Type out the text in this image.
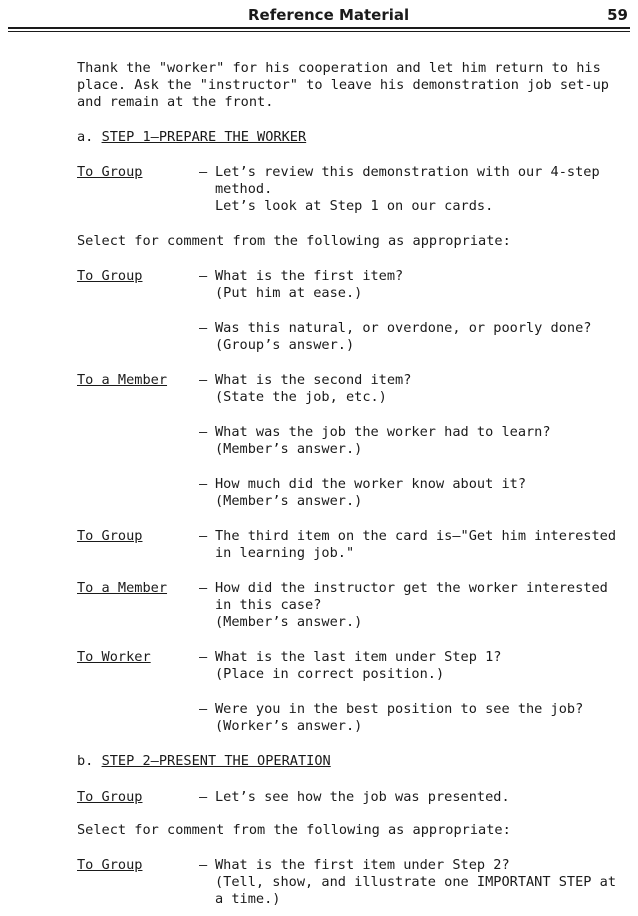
Reference Material	59
Thank the "worker" for his cooperation and let him return to his
place. Ask the "instructor" to leave his demonstration job set-up
and remain at the front.
a. STEP 1—PREPARE THE WORKER
To Group	– Let’s review this demonstration with our 4-step
method.
Let’s look at Step 1 on our cards.
Select for comment from the following as appropriate:
To Group	– What is the first item?
(Put him at ease.)
– Was this natural, or overdone, or poorly done?
(Group’s answer.)
To a Member – What is the second item?
(State the job, etc.)
– What was the job the worker had to learn?
(Member’s answer.)
– How much did the worker know about it?
(Member’s answer.)
To Group	– The third item on the card is—"Get him interested
in learning job."
To a Member – How did the instructor get the worker interested
in this case?
(Member’s answer.)
To Worker	– What is the last item under Step 1?
(Place in correct position.)
– Were you in the best position to see the job?
(Worker’s answer.)
b. STEP 2—PRESENT THE OPERATION
To Group	– Let’s see how the job was presented.
Select for comment from the following as appropriate:
To Group	– What is the first item under Step 2?
(Tell, show, and illustrate one IMPORTANT STEP at
a time.)
